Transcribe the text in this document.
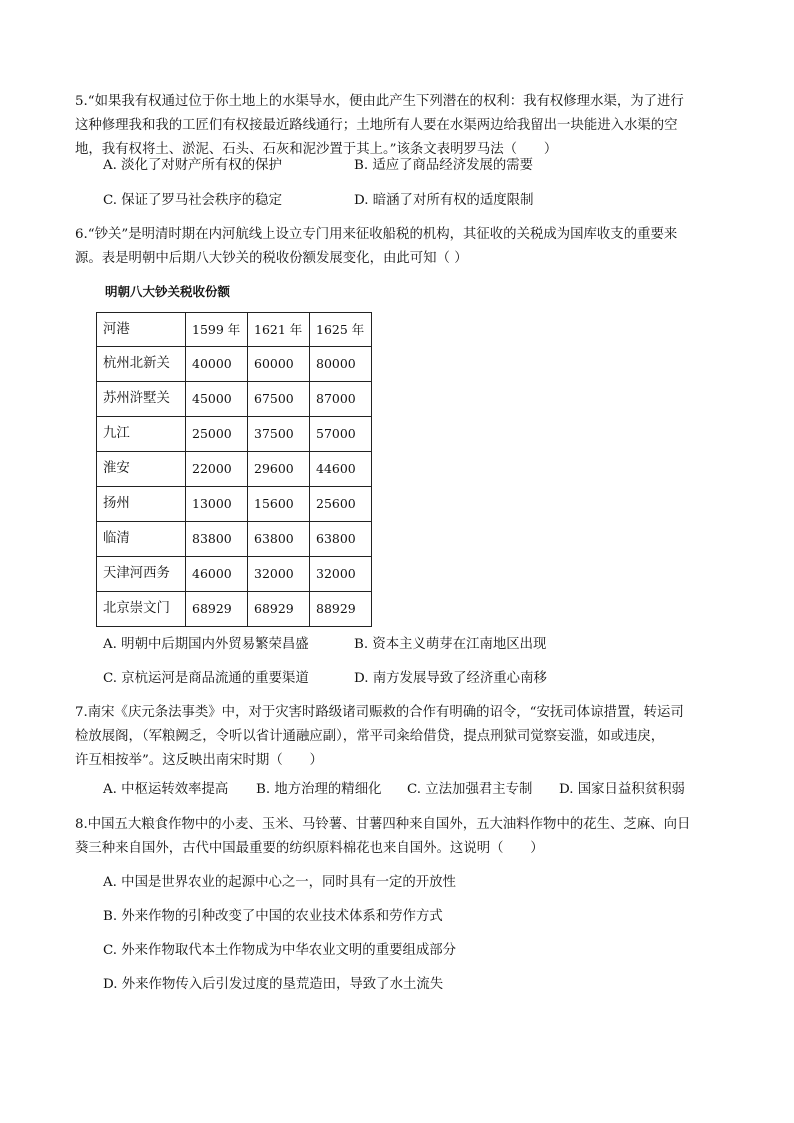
5.“如果我有权通过位于你土地上的水渠导水，便由此产生下列潜在的权利：我有权修理水渠，为了进行

这种修理我和我的工匠们有权接最近路线通行；土地所有人要在水渠两边给我留出一块能进入水渠的空

地，我有权将土、淤泥、石头、石灰和泥沙置于其上。”该条文表明罗马法（　　）

A. 淡化了对财产所有权的保护	B. 适应了商品经济发展的需要
C. 保证了罗马社会秩序的稳定	D. 暗涵了对所有权的适度限制

6.“钞关”是明清时期在内河航线上设立专门用来征收船税的机构，其征收的关税成为国库收支的重要来

源。表是明朝中后期八大钞关的税收份额发展变化，由此可知（ ）

明朝八大钞关税收份额
河港	1599 年	1621 年	1625 年
杭州北新关	40000	60000	80000
苏州浒墅关	45000	67500	87000
九江	25000	37500	57000
淮安	22000	29600	44600
扬州	13000	15600	25600
临清	83800	63800	63800
天津河西务	46000	32000	32000
北京崇文门	68929	68929	88929
A. 明朝中后期国内外贸易繁荣昌盛	B. 资本主义萌芽在江南地区出现
C. 京杭运河是商品流通的重要渠道	D. 南方发展导致了经济重心南移

7.南宋《庆元条法事类》中，对于灾害时路级诸司赈救的合作有明确的诏令，“安抚司体谅措置，转运司

检放展阁，（军粮阙乏，令听以省计通融应副），常平司籴给借贷，提点刑狱司觉察妄滥，如或违戾，

许互相按举”。这反映出南宋时期（　　）

A. 中枢运转效率提高 B. 地方治理的精细化 C. 立法加强君主专制 D. 国家日益积贫积弱

8.中国五大粮食作物中的小麦、玉米、马铃薯、甘薯四种来自国外，五大油料作物中的花生、芝麻、向日

葵三种来自国外，古代中国最重要的纺织原料棉花也来自国外。这说明（　　）

A. 中国是世界农业的起源中心之一，同时具有一定的开放性
B. 外来作物的引种改变了中国的农业技术体系和劳作方式
C. 外来作物取代本土作物成为中华农业文明的重要组成部分
D. 外来作物传入后引发过度的垦荒造田，导致了水土流失
